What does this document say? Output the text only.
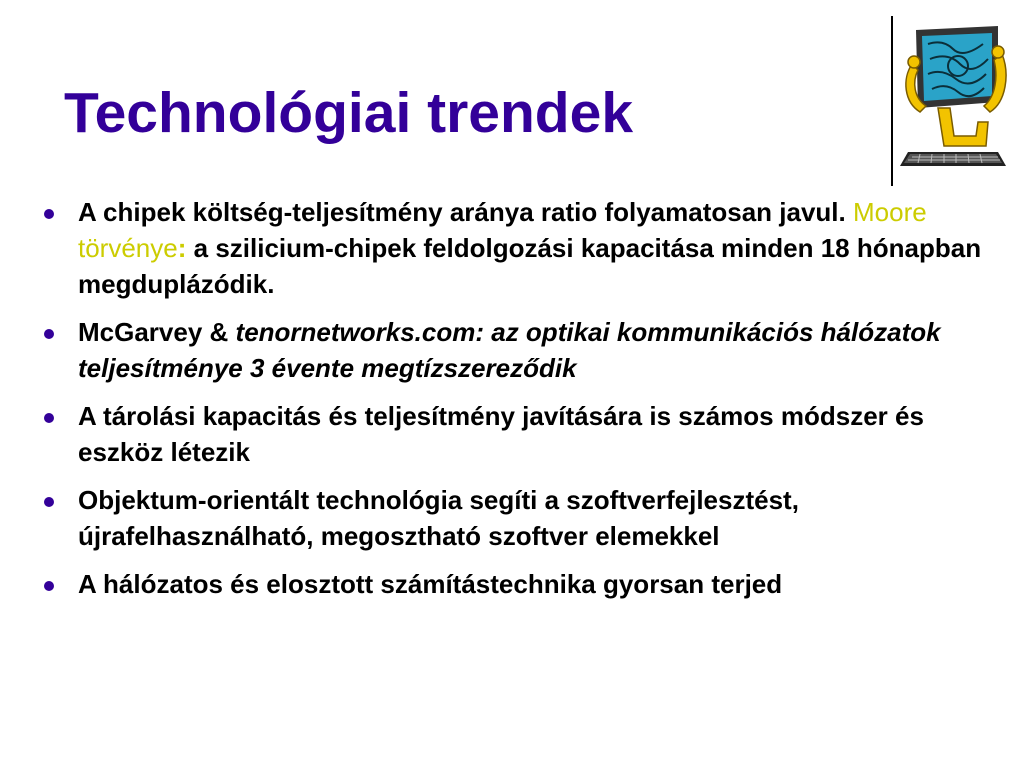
Technológiai trendek
A chipek költség-teljesítmény aránya ratio folyamatosan javul. Moore törvénye: a szilicium-chipek feldolgozási kapacitása minden 18 hónapban megduplázódik.
McGarvey & tenornetworks.com: az optikai kommunikációs hálózatok teljesítménye 3 évente megtízszereződik
A tárolási kapacitás és teljesítmény javítására is számos módszer és eszköz létezik
Objektum-orientált technológia segíti a szoftverfejlesztést, újrafelhasználható, megosztható szoftver elemekkel
A hálózatos és elosztott számítástechnika gyorsan terjed
